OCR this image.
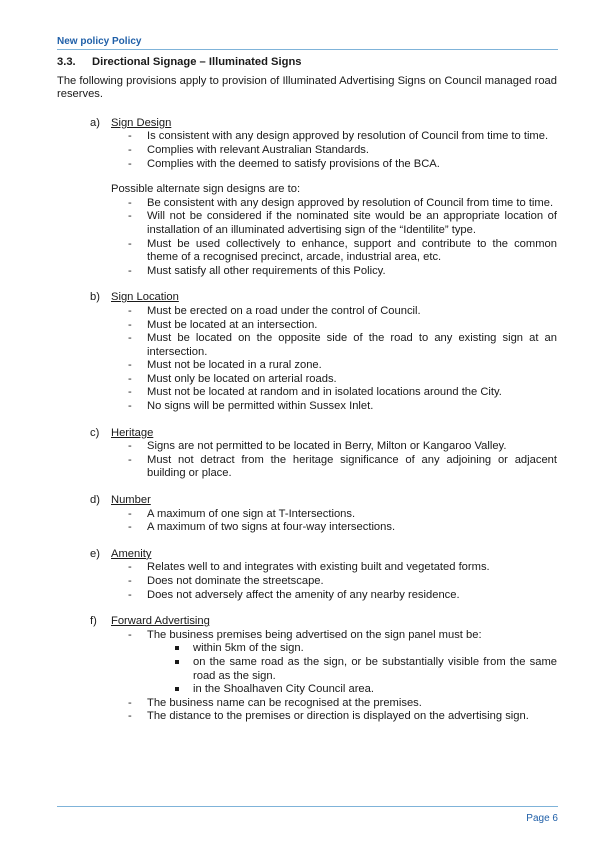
New policy Policy

3.3.	Directional Signage – Illuminated Signs

The following provisions apply to provision of Illuminated Advertising Signs on Council managed road reserves.

a) Sign Design

- Is consistent with any design approved by resolution of Council from time to time.
- Complies with relevant Australian Standards.
- Complies with the deemed to satisfy provisions of the BCA.

Possible alternate sign designs are to:

- Be consistent with any design approved by resolution of Council from time to time.
- Will not be considered if the nominated site would be an appropriate location of installation of an illuminated advertising sign of the “Identilite” type.
- Must be used collectively to enhance, support and contribute to the common theme of a recognised precinct, arcade, industrial area, etc.
- Must satisfy all other requirements of this Policy.

b) Sign Location

- Must be erected on a road under the control of Council.
- Must be located at an intersection.
- Must be located on the opposite side of the road to any existing sign at an intersection.
- Must not be located in a rural zone.
- Must only be located on arterial roads.
- Must not be located at random and in isolated locations around the City.
- No signs will be permitted within Sussex Inlet.

c) Heritage

- Signs are not permitted to be located in Berry, Milton or Kangaroo Valley.
- Must not detract from the heritage significance of any adjoining or adjacent building or place.

d) Number

- A maximum of one sign at T-Intersections.
- A maximum of two signs at four-way intersections.

e) Amenity

- Relates well to and integrates with existing built and vegetated forms.
- Does not dominate the streetscape.
- Does not adversely affect the amenity of any nearby residence.

f) Forward Advertising

- The business premises being advertised on the sign panel must be:
within 5km of the sign.
on the same road as the sign, or be substantially visible from the same road as the sign.
in the Shoalhaven City Council area.
- The business name can be recognised at the premises.
- The distance to the premises or direction is displayed on the advertising sign.
Page 6
